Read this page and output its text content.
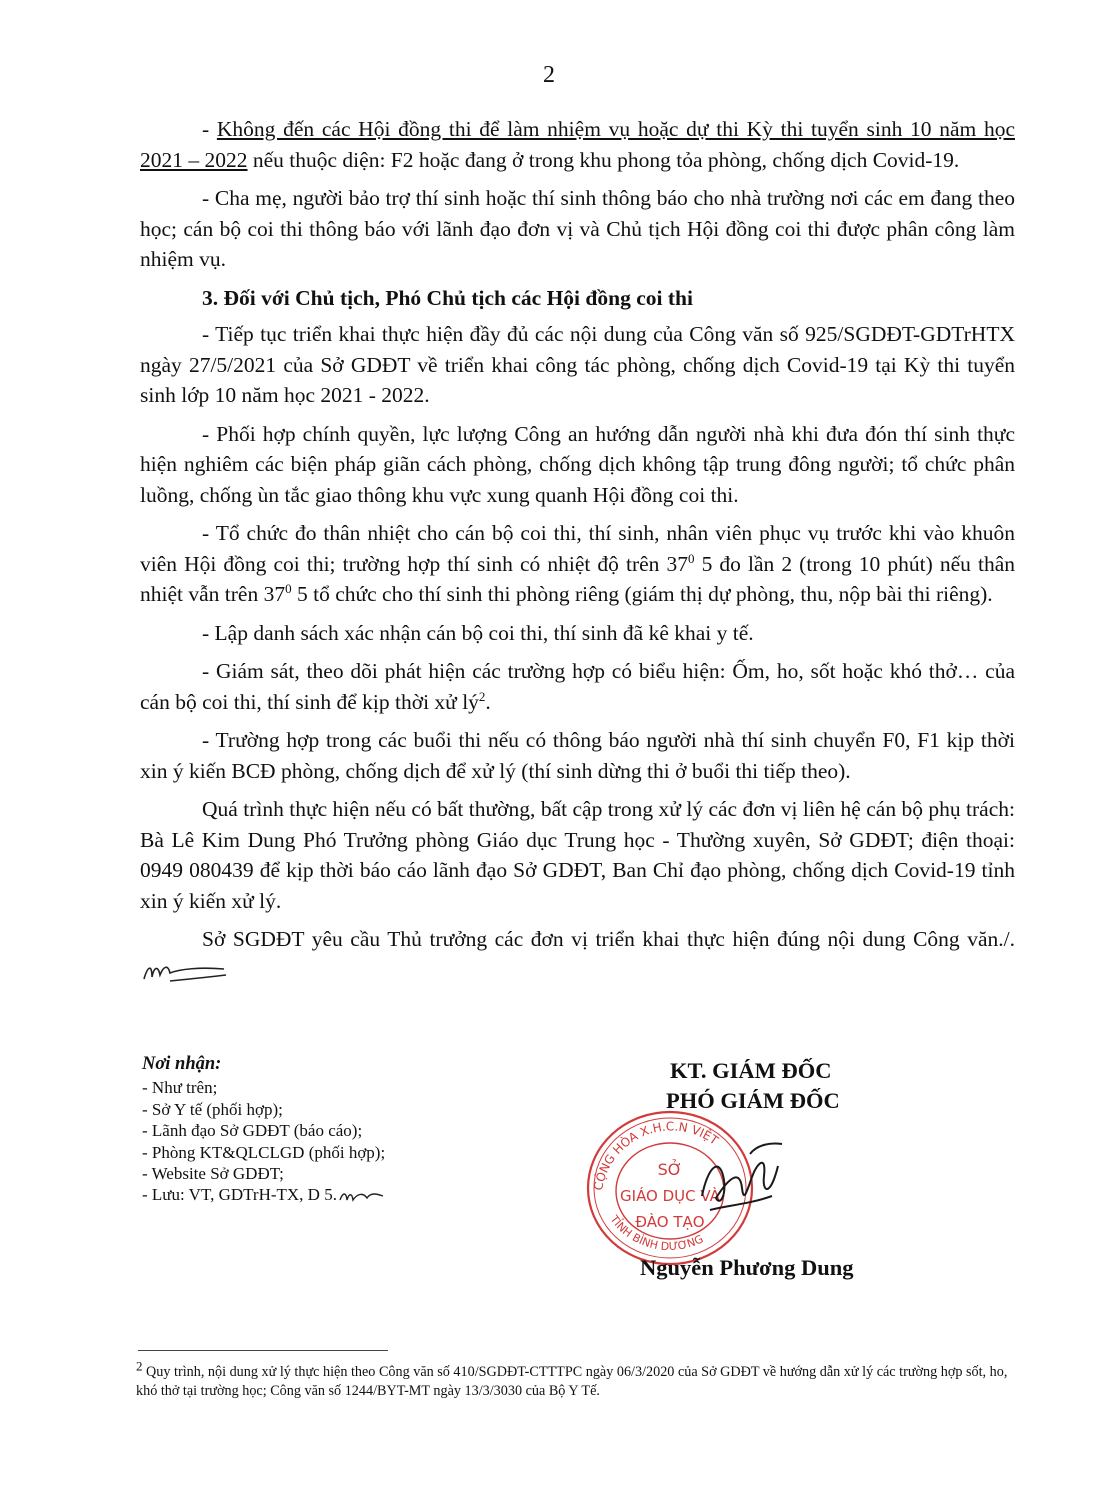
2

- Không đến các Hội đồng thi để làm nhiệm vụ hoặc dự thi Kỳ thi tuyển sinh 10 năm học 2021 – 2022 nếu thuộc diện: F2 hoặc đang ở trong khu phong tỏa phòng, chống dịch Covid-19.

- Cha mẹ, người bảo trợ thí sinh hoặc thí sinh thông báo cho nhà trường nơi các em đang theo học; cán bộ coi thi thông báo với lãnh đạo đơn vị và Chủ tịch Hội đồng coi thi được phân công làm nhiệm vụ.

3. Đối với Chủ tịch, Phó Chủ tịch các Hội đồng coi thi

- Tiếp tục triển khai thực hiện đầy đủ các nội dung của Công văn số 925/SGDĐT-GDTrHTX ngày 27/5/2021 của Sở GDĐT về triển khai công tác phòng, chống dịch Covid-19 tại Kỳ thi tuyển sinh lớp 10 năm học 2021 - 2022.

- Phối hợp chính quyền, lực lượng Công an hướng dẫn người nhà khi đưa đón thí sinh thực hiện nghiêm các biện pháp giãn cách phòng, chống dịch không tập trung đông người; tổ chức phân luồng, chống ùn tắc giao thông khu vực xung quanh Hội đồng coi thi.

- Tổ chức đo thân nhiệt cho cán bộ coi thi, thí sinh, nhân viên phục vụ trước khi vào khuôn viên Hội đồng coi thi; trường hợp thí sinh có nhiệt độ trên $37^0$ 5 đo lần 2 (trong 10 phút) nếu thân nhiệt vẫn trên $37^0$ 5 tổ chức cho thí sinh thi phòng riêng (giám thị dự phòng, thu, nộp bài thi riêng).

- Lập danh sách xác nhận cán bộ coi thi, thí sinh đã kê khai y tế.

- Giám sát, theo dõi phát hiện các trường hợp có biểu hiện: Ốm, ho, sốt hoặc khó thở… của cán bộ coi thi, thí sinh để kịp thời xử $lý^2$.

- Trường hợp trong các buổi thi nếu có thông báo người nhà thí sinh chuyển F0, F1 kịp thời xin ý kiến BCĐ phòng, chống dịch để xử lý (thí sinh dừng thi ở buổi thi tiếp theo).

Quá trình thực hiện nếu có bất thường, bất cập trong xử lý các đơn vị liên hệ cán bộ phụ trách: Bà Lê Kim Dung Phó Trưởng phòng Giáo dục Trung học - Thường xuyên, Sở GDĐT; điện thoại: 0949 080439 để kịp thời báo cáo lãnh đạo Sở GDĐT, Ban Chỉ đạo phòng, chống dịch Covid-19 tỉnh xin ý kiến xử lý.

Sở SGDĐT yêu cầu Thủ trưởng các đơn vị triển khai thực hiện đúng nội dung Công văn./.

Nơi nhận:
- Như trên;
- Sở Y tế (phối hợp);
- Lãnh đạo Sở GDĐT (báo cáo);
- Phòng KT&QLCLGD (phối hợp);
- Website Sở GDĐT;
- Lưu: VT, GDTrH-TX, D 5.
KT. GIÁM ĐỐC
PHÓ GIÁM ĐỐC
CỘNG HÒA X.H.C.N VIỆT
TỈNH BÌNH DƯƠNG
SỞ
GIÁO DỤC VÀ
ĐÀO TẠO
Nguyễn Phương Dung
$^2$ Quy trình, nội dung xử lý thực hiện theo Công văn số 410/SGDĐT-CTTTPC ngày 06/3/2020 của Sở GDĐT về hướng dẫn xử lý các trường hợp sốt, ho, khó thở tại trường học; Công văn số 1244/BYT-MT ngày 13/3/3030 của Bộ Y Tế.
